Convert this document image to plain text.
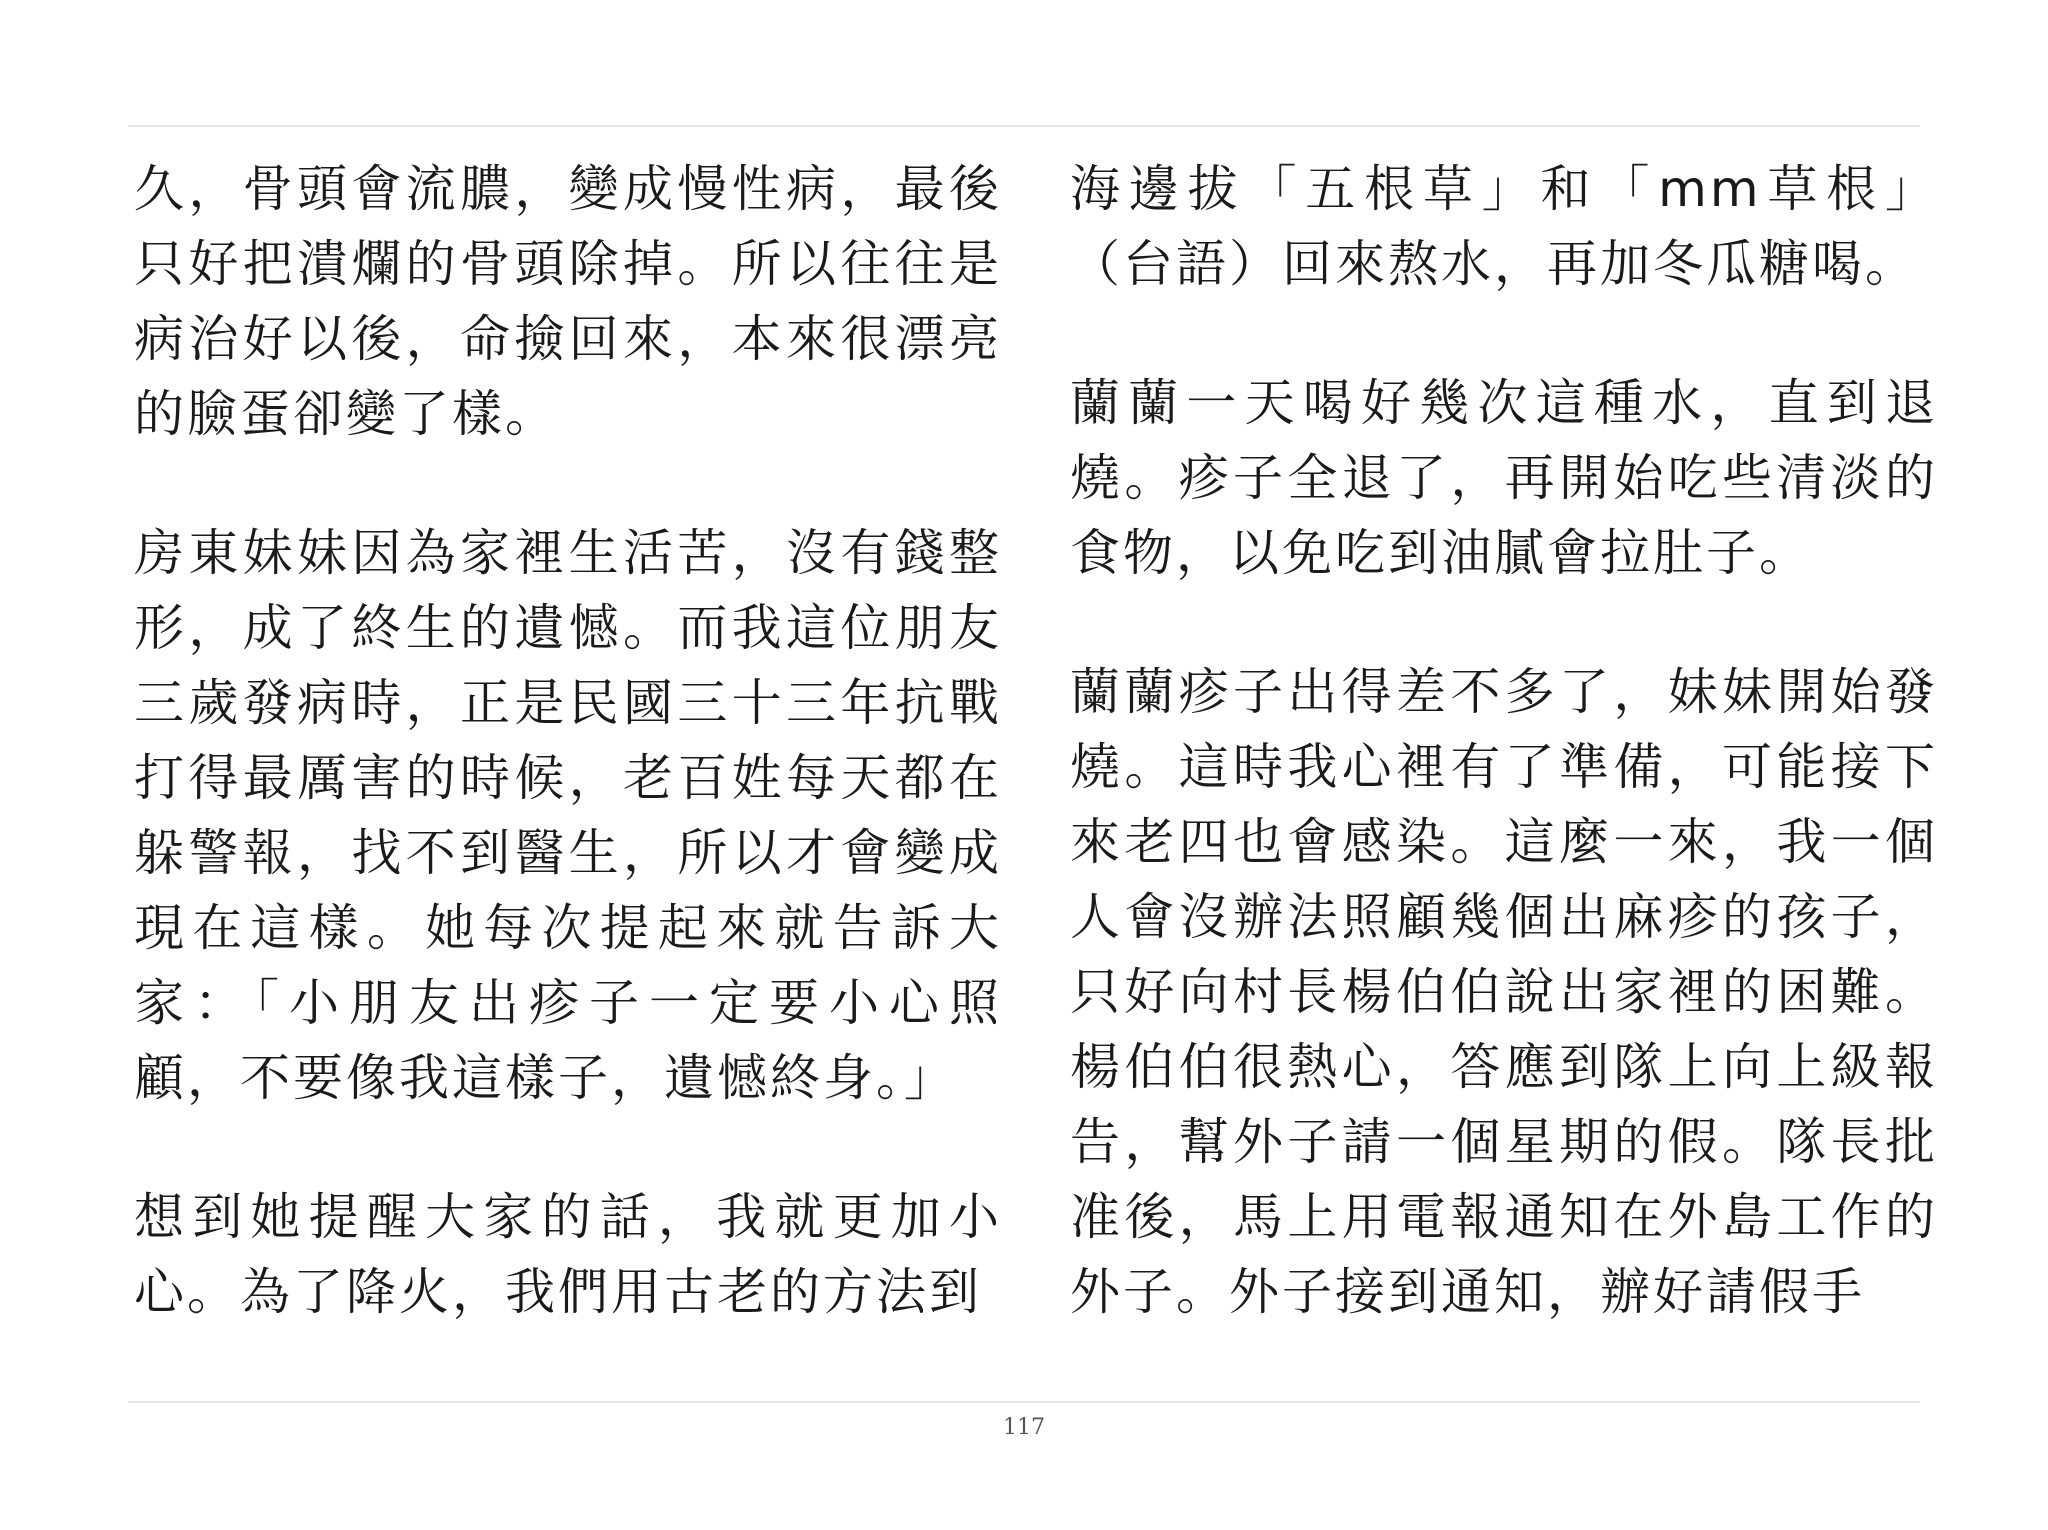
久，骨頭會流膿，變成慢性病，最後只好把潰爛的骨頭除掉。所以往往是病治好以後，命撿回來，本來很漂亮的臉蛋卻變了樣。

房東妹妹因為家裡生活苦，沒有錢整形，成了終生的遺憾。而我這位朋友三歲發病時，正是民國三十三年抗戰打得最厲害的時候，老百姓每天都在躲警報，找不到醫生，所以才會變成現在這樣。她每次提起來就告訴大家：「小朋友出疹子一定要小心照顧，不要像我這樣子，遺憾終身。」

想到她提醒大家的話，我就更加小心。為了降火，我們用古老的方法到

海邊拔「五根草」和「mm草根」（台語）回來熬水，再加冬瓜糖喝。

蘭蘭一天喝好幾次這種水，直到退燒。疹子全退了，再開始吃些清淡的食物，以免吃到油膩會拉肚子。

蘭蘭疹子出得差不多了，妹妹開始發燒。這時我心裡有了準備，可能接下來老四也會感染。這麼一來，我一個人會沒辦法照顧幾個出麻疹的孩子，只好向村長楊伯伯說出家裡的困難。楊伯伯很熱心，答應到隊上向上級報告，幫外子請一個星期的假。隊長批准後，馬上用電報通知在外島工作的外子。外子接到通知，辦好請假手

117
